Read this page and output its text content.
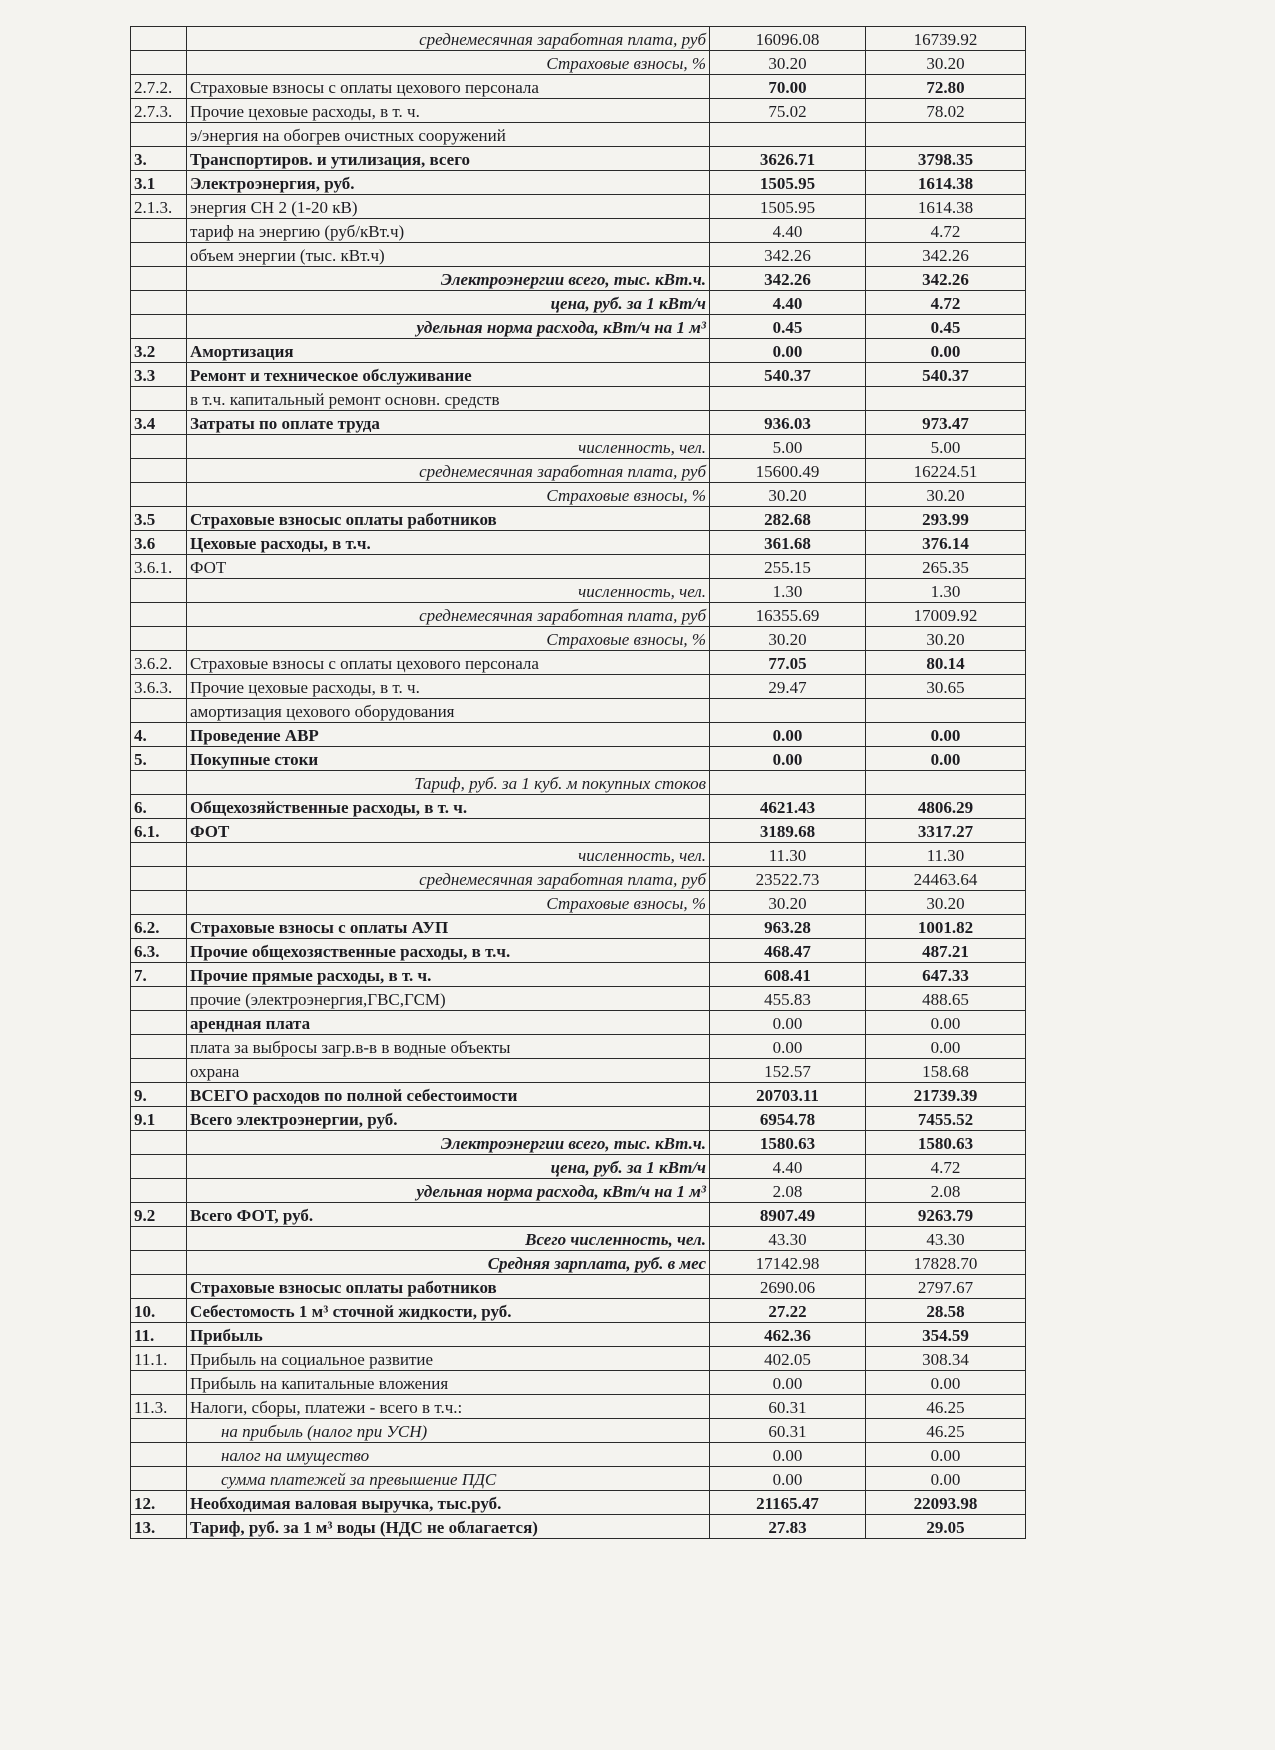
	среднемесячная заработная плата, руб	16096.08	16739.92
	Страховые взносы, %	30.20	30.20
2.7.2.	Страховые взносы с оплаты цехового персонала	70.00	72.80
2.7.3.	Прочие цеховые расходы, в т. ч.	75.02	78.02
	э/энергия на обогрев очистных сооружений		
3.	Транспортиров. и утилизация, всего	3626.71	3798.35
3.1	Электроэнергия, руб.	1505.95	1614.38
2.1.3.	энергия СН 2 (1-20 кВ)	1505.95	1614.38
	тариф на энергию (руб/кВт.ч)	4.40	4.72
	объем энергии (тыс. кВт.ч)	342.26	342.26
	Электроэнергии всего, тыс. кВт.ч.	342.26	342.26
	цена, руб. за 1 кВт/ч	4.40	4.72
	удельная норма расхода, кВт/ч на 1 м³	0.45	0.45
3.2	Амортизация	0.00	0.00
3.3	Ремонт и техническое обслуживание	540.37	540.37
	в т.ч. капитальный ремонт основн. средств		
3.4	Затраты по оплате труда	936.03	973.47
	численность, чел.	5.00	5.00
	среднемесячная заработная плата, руб	15600.49	16224.51
	Страховые взносы, %	30.20	30.20
3.5	Страховые взносыс оплаты работников	282.68	293.99
3.6	Цеховые расходы, в т.ч.	361.68	376.14
3.6.1.	ФОТ	255.15	265.35
	численность, чел.	1.30	1.30
	среднемесячная заработная плата, руб	16355.69	17009.92
	Страховые взносы, %	30.20	30.20
3.6.2.	Страховые взносы с оплаты цехового персонала	77.05	80.14
3.6.3.	Прочие цеховые расходы, в т. ч.	29.47	30.65
	амортизация цехового оборудования		
4.	Проведение АВР	0.00	0.00
5.	Покупные стоки	0.00	0.00
	Тариф, руб. за 1 куб. м покупных стоков		
6.	Общехозяйственные расходы, в т. ч.	4621.43	4806.29
6.1.	ФОТ	3189.68	3317.27
	численность, чел.	11.30	11.30
	среднемесячная заработная плата, руб	23522.73	24463.64
	Страховые взносы, %	30.20	30.20
6.2.	Страховые взносы с оплаты АУП	963.28	1001.82
6.3.	Прочие общехозяственные расходы, в т.ч.	468.47	487.21
7.	Прочие прямые расходы, в т. ч.	608.41	647.33
	прочие (электроэнергия,ГВС,ГСМ)	455.83	488.65
	арендная плата	0.00	0.00
	плата за выбросы загр.в-в в водные объекты	0.00	0.00
	охрана	152.57	158.68
9.	ВСЕГО расходов по полной себестоимости	20703.11	21739.39
9.1	Всего электроэнергии, руб.	6954.78	7455.52
	Электроэнергии всего, тыс. кВт.ч.	1580.63	1580.63
	цена, руб. за 1 кВт/ч	4.40	4.72
	удельная норма расхода, кВт/ч на 1 м³	2.08	2.08
9.2	Всего ФОТ, руб.	8907.49	9263.79
	Всего численность, чел.	43.30	43.30
	Средняя зарплата, руб. в мес	17142.98	17828.70
	Страховые взносыс оплаты работников	2690.06	2797.67
10.	Себестомость 1 м³ сточной жидкости, руб.	27.22	28.58
11.	Прибыль	462.36	354.59
11.1.	Прибыль на социальное развитие	402.05	308.34
	Прибыль на капитальные вложения	0.00	0.00
11.3.	Налоги, сборы, платежи - всего в т.ч.:	60.31	46.25
	на прибыль (налог при УСН)	60.31	46.25
	налог на имущество	0.00	0.00
	сумма платежей за превышение ПДС	0.00	0.00
12.	Необходимая валовая выручка, тыс.руб.	21165.47	22093.98
13.	Тариф, руб. за 1 м³ воды (НДС не облагается)	27.83	29.05
